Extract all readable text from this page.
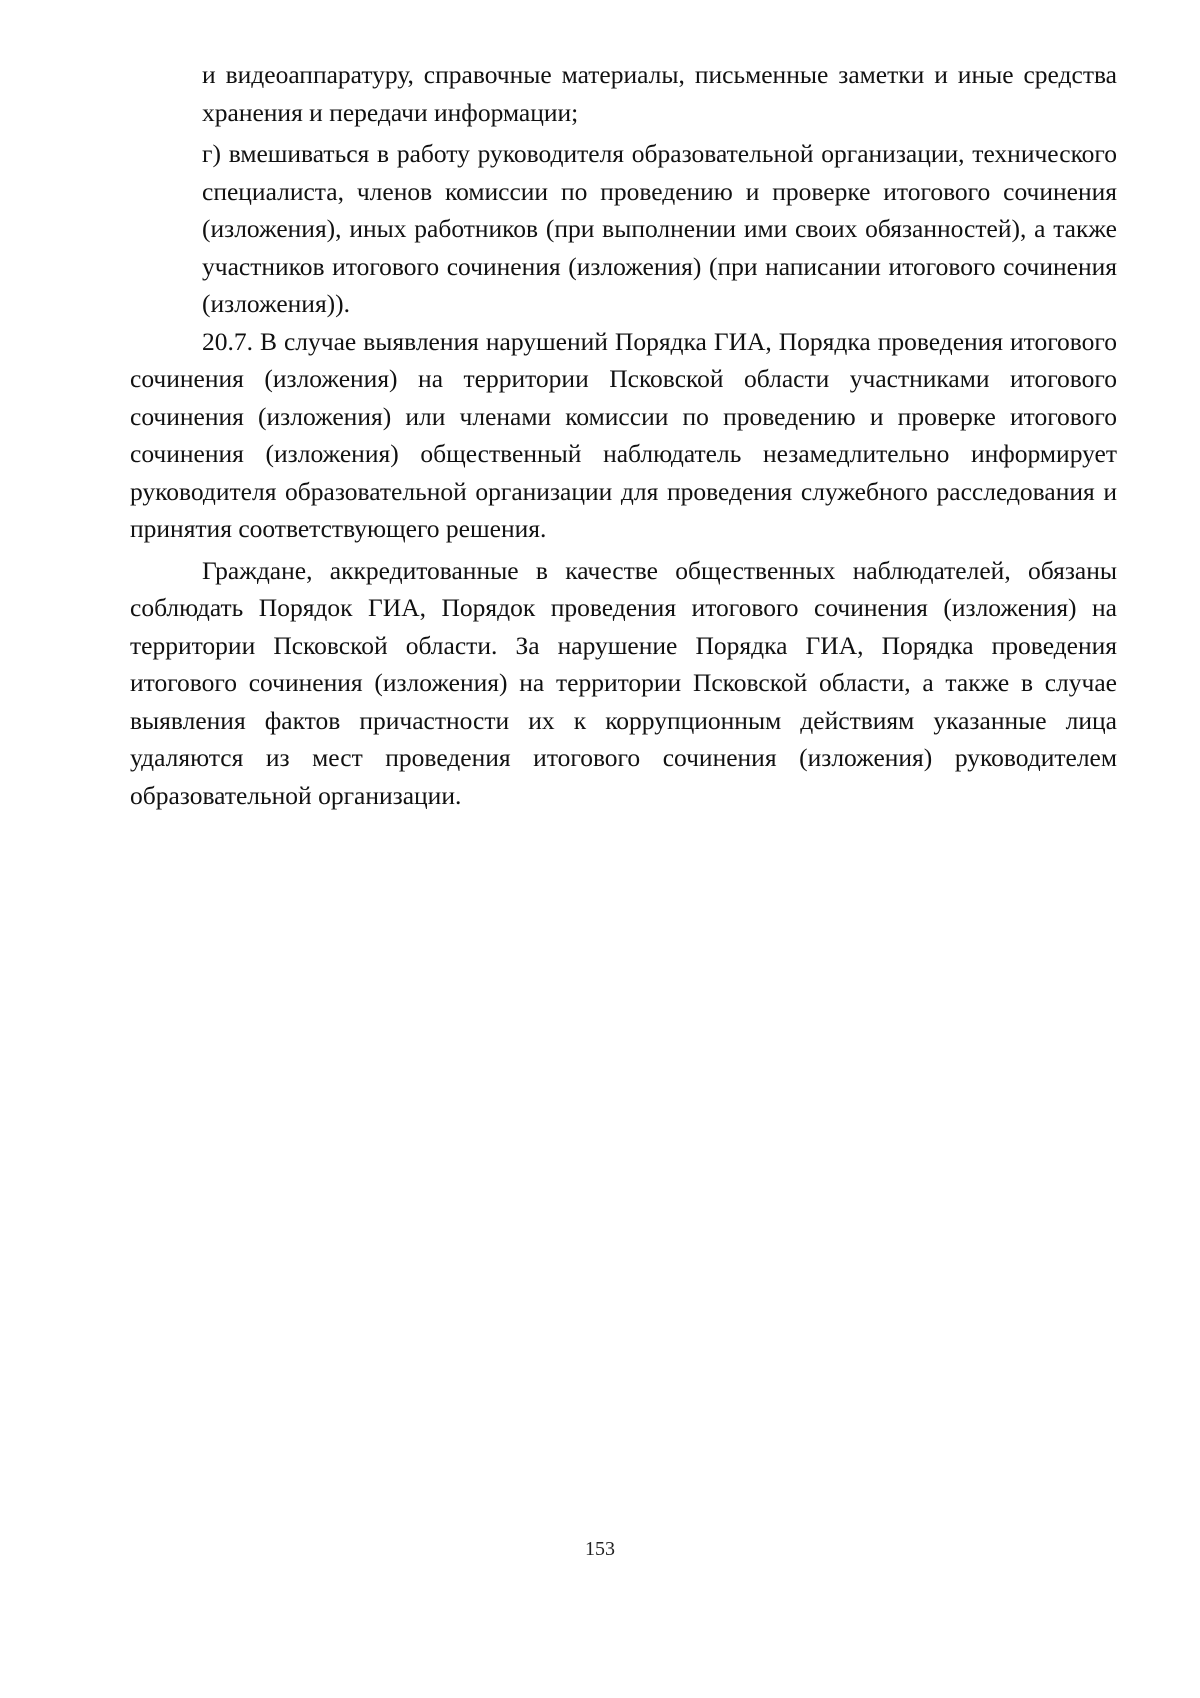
и видеоаппаратуру, справочные материалы, письменные заметки и иные средства хранения и передачи информации;

г) вмешиваться в работу руководителя образовательной организации, технического специалиста, членов комиссии по проведению и проверке итогового сочинения (изложения), иных работников (при выполнении ими своих обязанностей), а также участников итогового сочинения (изложения) (при написании итогового сочинения (изложения)).

20.7. В случае выявления нарушений Порядка ГИА, Порядка проведения итогового сочинения (изложения) на территории Псковской области участниками итогового сочинения (изложения) или членами комиссии по проведению и проверке итогового сочинения (изложения) общественный наблюдатель незамедлительно информирует руководителя образовательной организации для проведения служебного расследования и принятия соответствующего решения.

Граждане, аккредитованные в качестве общественных наблюдателей, обязаны соблюдать Порядок ГИА, Порядок проведения итогового сочинения (изложения) на территории Псковской области. За нарушение Порядка ГИА, Порядка проведения итогового сочинения (изложения) на территории Псковской области, а также в случае выявления фактов причастности их к коррупционным действиям указанные лица удаляются из мест проведения итогового сочинения (изложения) руководителем образовательной организации.

153
